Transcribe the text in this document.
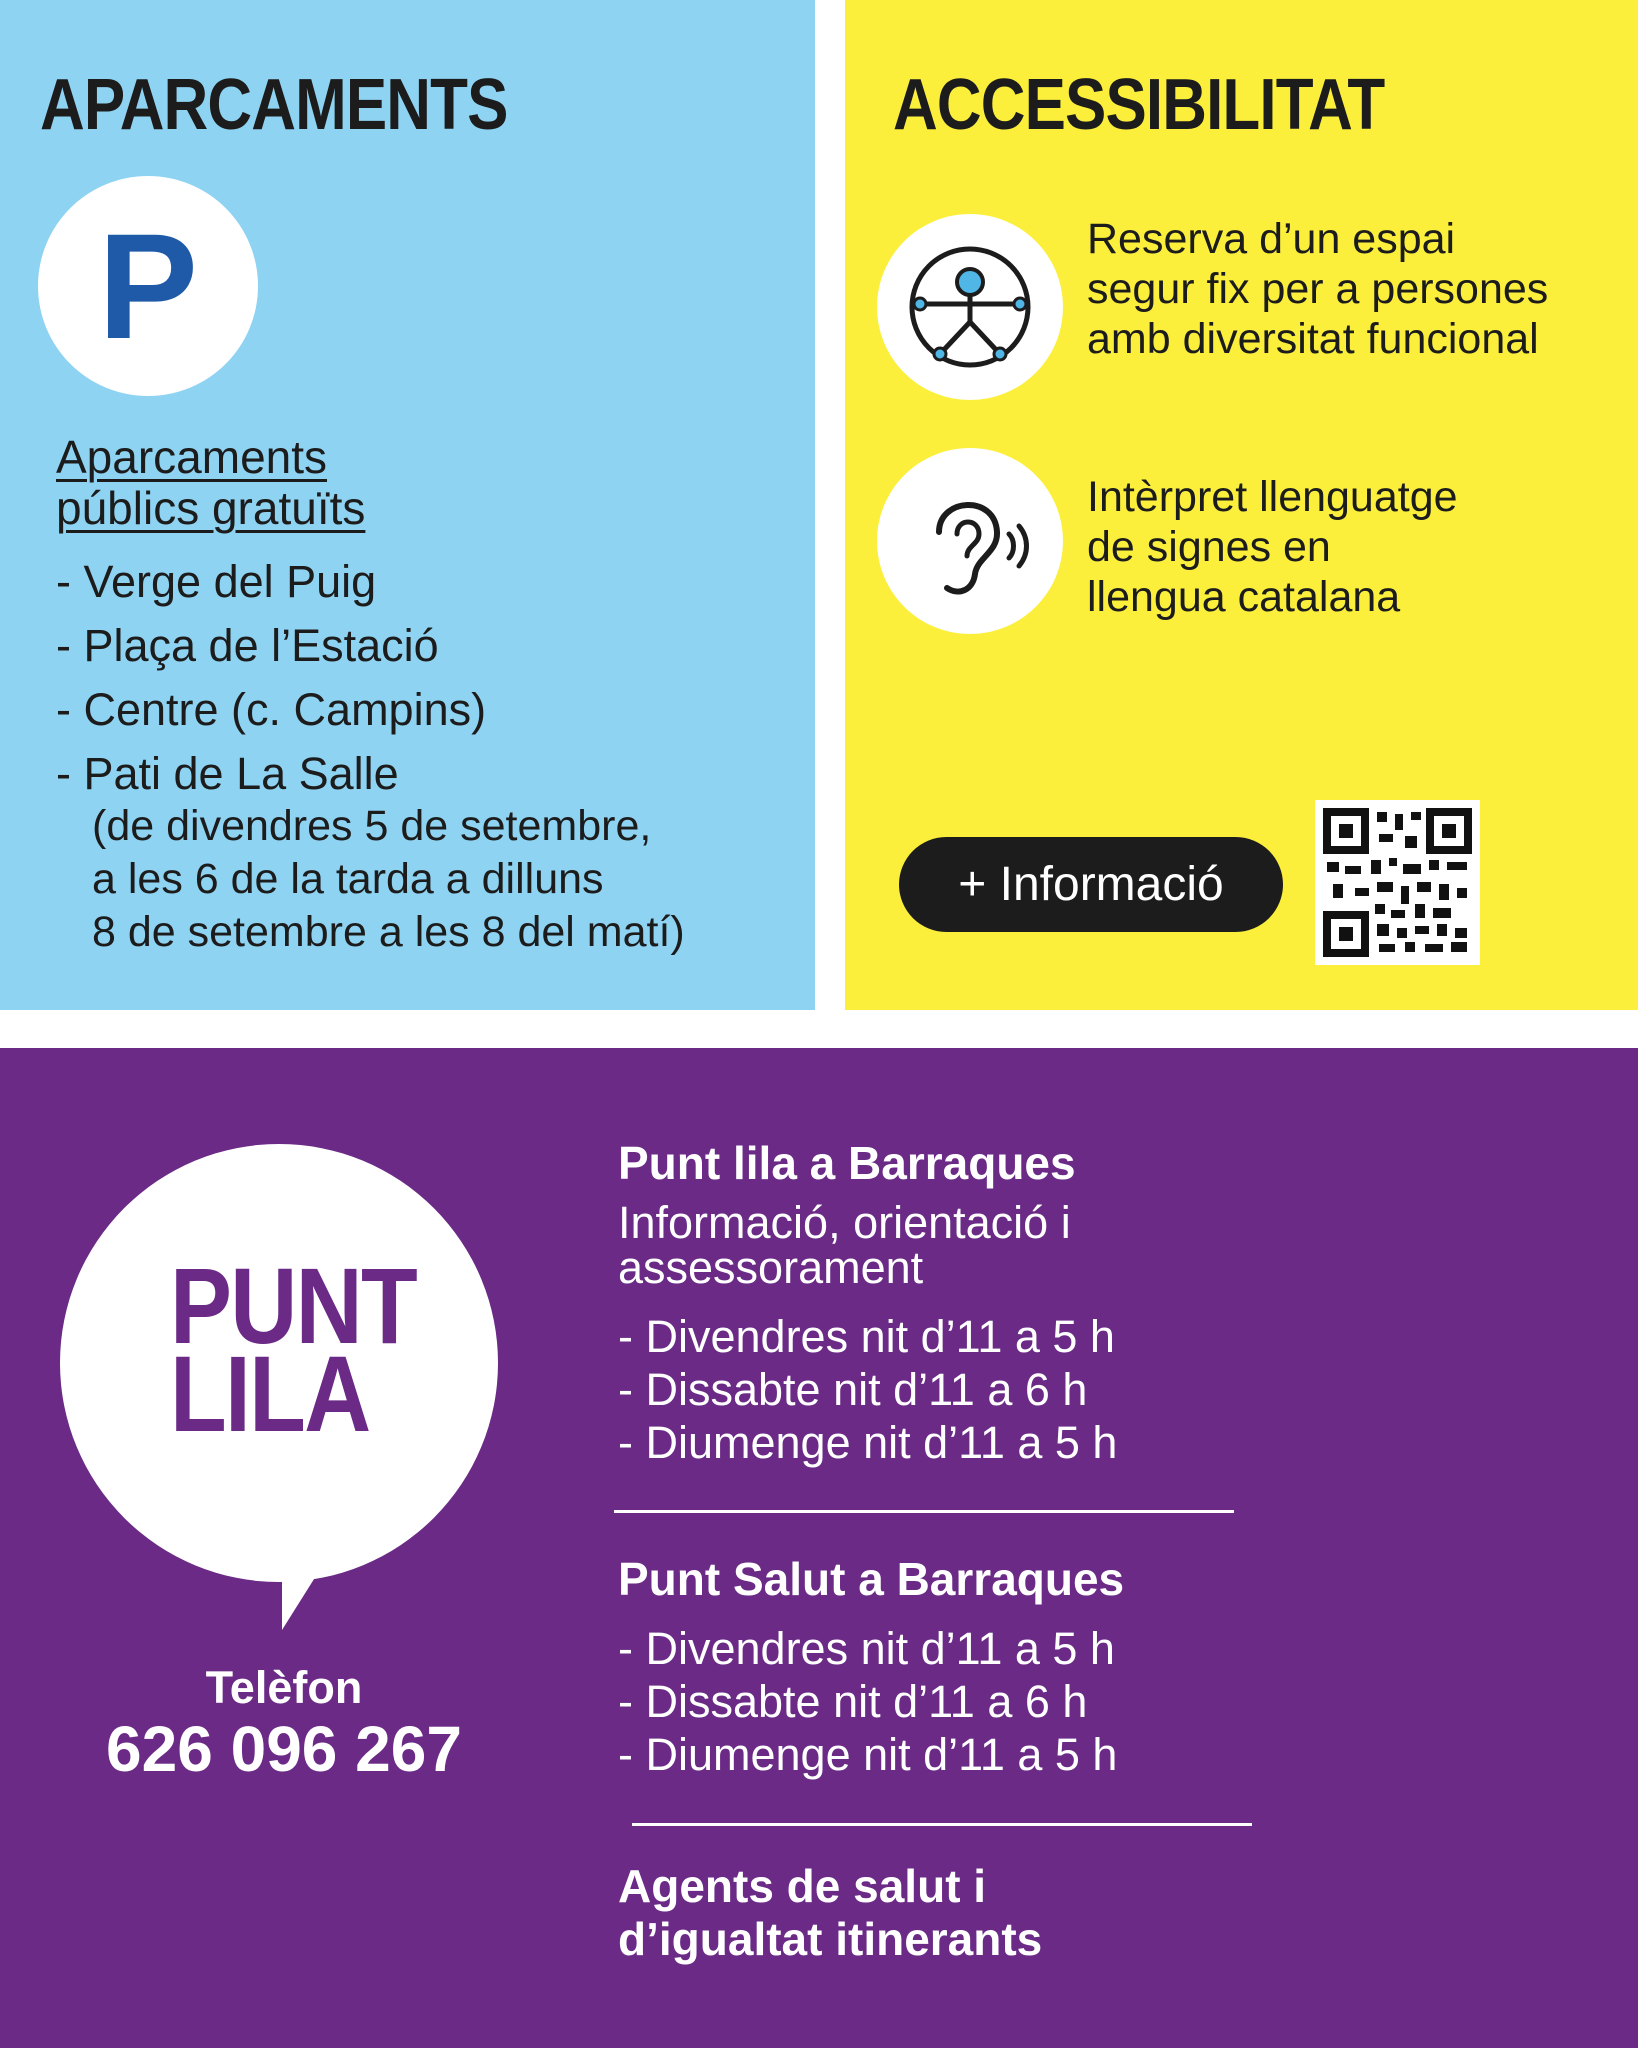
APARCAMENTS
P
Aparcaments
públics gratuïts
- Verge del Puig
- Plaça de l’Estació
- Centre (c. Campins)
- Pati de La Salle
(de divendres 5 de setembre,
a les 6 de la tarda a dilluns
8 de setembre a les 8 del matí)
ACCESSIBILITAT
Reserva d’un espai
segur fix per a persones
amb diversitat funcional
Intèrpret llenguatge
de signes en
llengua catalana
+ Informació
PUNT
LILA
Telèfon
626 096 267
Punt lila a Barraques
Informació, orientació i
assessorament
- Divendres nit d’11 a 5 h
- Dissabte nit d’11 a 6 h
- Diumenge nit d’11 a 5 h
Punt Salut a Barraques
- Divendres nit d’11 a 5 h
- Dissabte nit d’11 a 6 h
- Diumenge nit d’11 a 5 h
Agents de salut i
d’igualtat itinerants
